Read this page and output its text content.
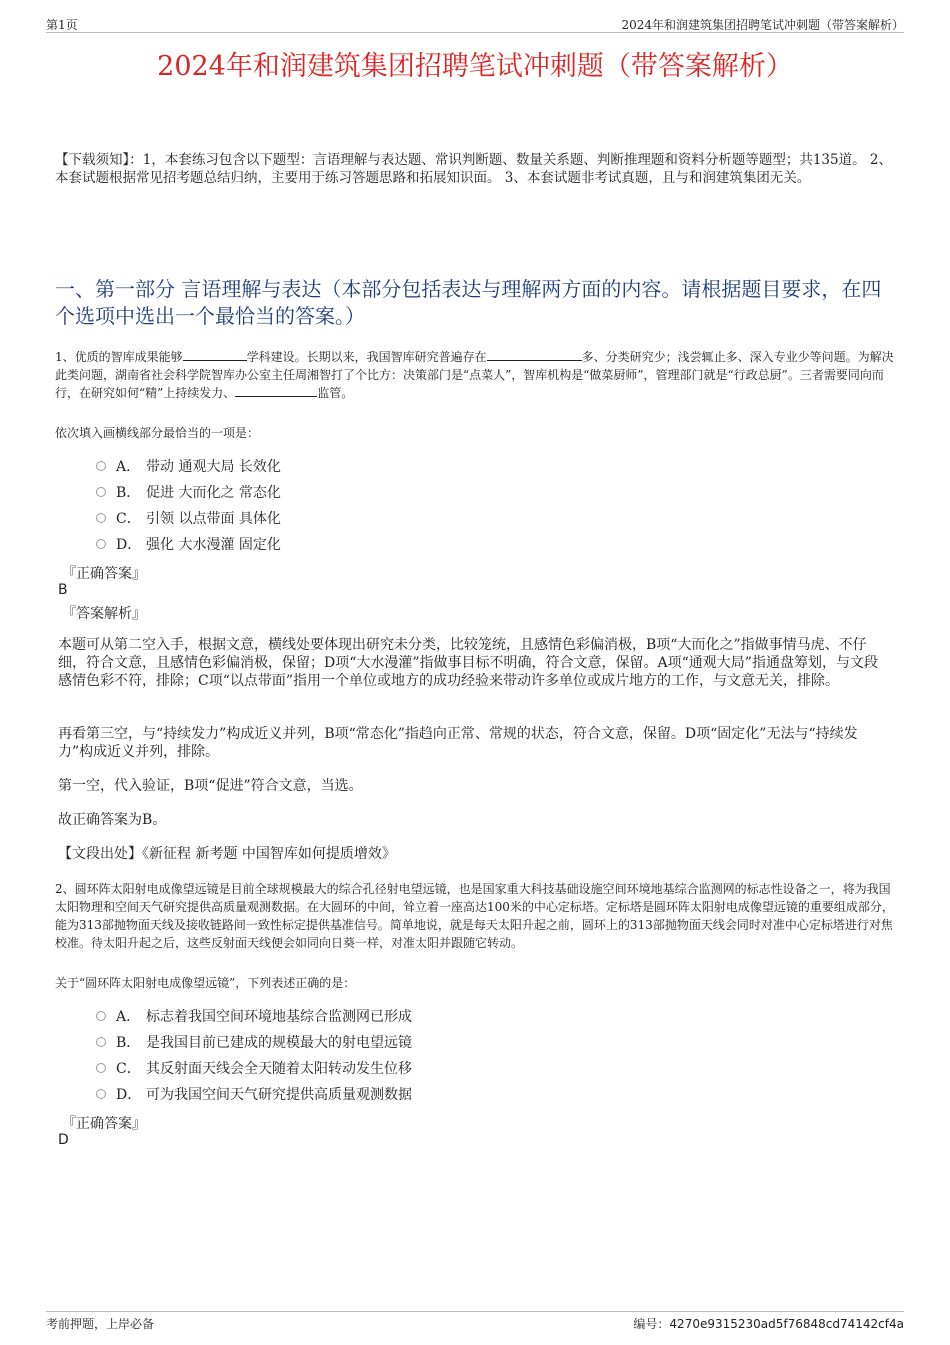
第1页	2024年和润建筑集团招聘笔试冲刺题（带答案解析）
2024年和润建筑集团招聘笔试冲刺题（带答案解析）
【下载须知】：1，本套练习包含以下题型：言语理解与表达题、常识判断题、数量关系题、判断推理题和资料分析题等题型；共135道。 2、本套试题根据常见招考题总结归纳，主要用于练习答题思路和拓展知识面。 3、本套试题非考试真题，且与和润建筑集团无关。
一、第一部分 言语理解与表达（本部分包括表达与理解两方面的内容。请根据题目要求，在四个选项中选出一个最恰当的答案。）
1、优质的智库成果能够	学科建设。长期以来，我国智库研究普遍存在	多、分类研究少；浅尝辄止多、深入专业少等问题。为解决此类问题，湖南省社会科学院智库办公室主任周湘智打了个比方：决策部门是“点菜人”，智库机构是“做菜厨师”，管理部门就是“行政总厨”。三者需要同向而行，在研究如何“精”上持续发力、	监管。
依次填入画横线部分最恰当的一项是：
A． 带动 通观大局 长效化
B． 促进 大而化之 常态化
C． 引领 以点带面 具体化
D． 强化 大水漫灌 固定化
『正确答案』
B
『答案解析』
本题可从第二空入手，根据文意，横线处要体现出研究未分类，比较笼统，且感情色彩偏消极，B项“大而化之”指做事情马虎、不仔细，符合文意，且感情色彩偏消极，保留；D项“大水漫灌”指做事目标不明确，符合文意，保留。A项“通观大局”指通盘筹划，与文段感情色彩不符，排除；C项“以点带面”指用一个单位或地方的成功经验来带动许多单位或成片地方的工作，与文意无关，排除。
再看第三空，与“持续发力”构成近义并列，B项“常态化”指趋向正常、常规的状态，符合文意，保留。D项“固定化”无法与“持续发力”构成近义并列，排除。
第一空，代入验证，B项“促进”符合文意，当选。
故正确答案为B。
【文段出处】《新征程 新考题 中国智库如何提质增效》
2、圆环阵太阳射电成像望远镜是目前全球规模最大的综合孔径射电望远镜，也是国家重大科技基础设施空间环境地基综合监测网的标志性设备之一，将为我国太阳物理和空间天气研究提供高质量观测数据。在大圆环的中间，耸立着一座高达100米的中心定标塔。定标塔是圆环阵太阳射电成像望远镜的重要组成部分，能为313部抛物面天线及接收链路间一致性标定提供基准信号。简单地说，就是每天太阳升起之前，圆环上的313部抛物面天线会同时对准中心定标塔进行对焦校准。待太阳升起之后，这些反射面天线便会如同向日葵一样，对准太阳并跟随它转动。
关于“圆环阵太阳射电成像望远镜”，下列表述正确的是：
A． 标志着我国空间环境地基综合监测网已形成
B． 是我国目前已建成的规模最大的射电望远镜
C． 其反射面天线会全天随着太阳转动发生位移
D． 可为我国空间天气研究提供高质量观测数据
『正确答案』
D
考前押题，上岸必备	编号：4270e9315230ad5f76848cd74142cf4a
